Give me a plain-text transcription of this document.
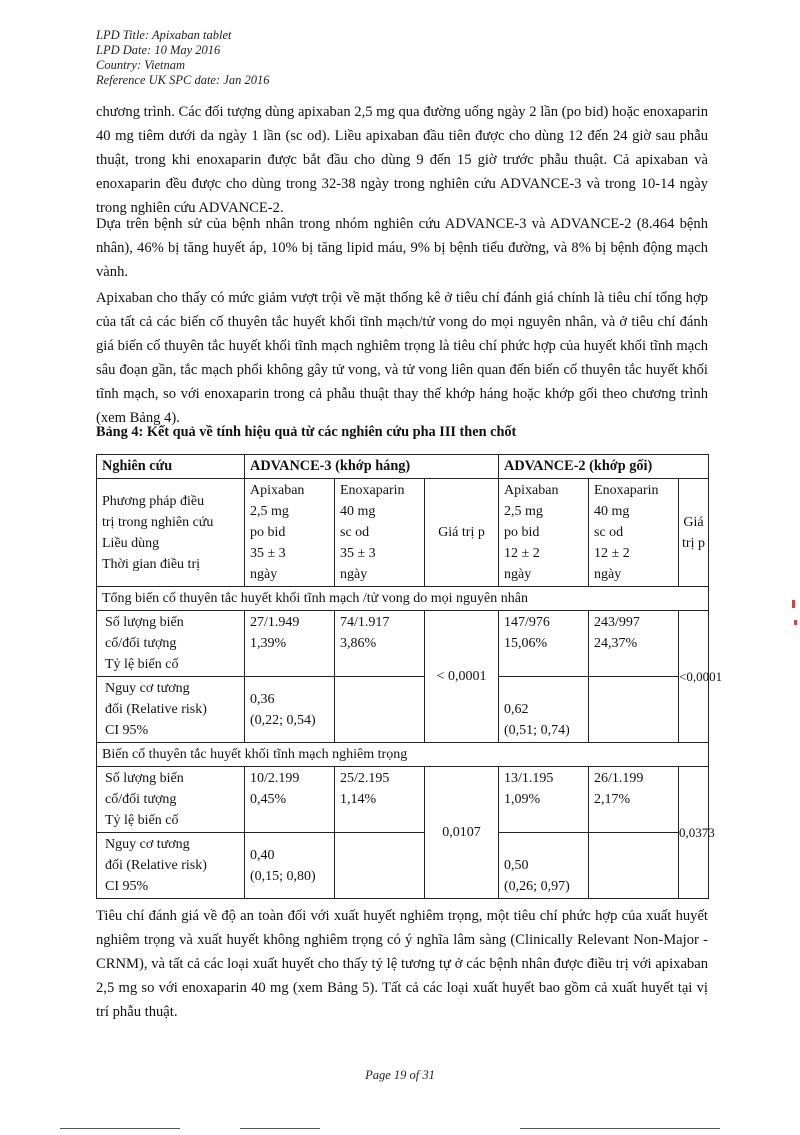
LPD Title: Apixaban tablet
LPD Date: 10 May 2016
Country: Vietnam
Reference UK SPC date: Jan 2016

chương trình. Các đối tượng dùng apixaban 2,5 mg qua đường uống ngày 2 lần (po bid) hoặc enoxaparin 40 mg tiêm dưới da ngày 1 lần (sc od). Liều apixaban đầu tiên được cho dùng 12 đến 24 giờ sau phẫu thuật, trong khi enoxaparin được bắt đầu cho dùng 9 đến 15 giờ trước phẫu thuật. Cả apixaban và enoxaparin đều được cho dùng trong 32-38 ngày trong nghiên cứu ADVANCE-3 và trong 10-14 ngày trong nghiên cứu ADVANCE-2.

Dựa trên bệnh sử của bệnh nhân trong nhóm nghiên cứu ADVANCE-3 và ADVANCE-2 (8.464 bệnh nhân), 46% bị tăng huyết áp, 10% bị tăng lipid máu, 9% bị bệnh tiểu đường, và 8% bị bệnh động mạch vành.

Apixaban cho thấy có mức giảm vượt trội về mặt thống kê ở tiêu chí đánh giá chính là tiêu chí tổng hợp của tất cả các biến cố thuyên tắc huyết khối tĩnh mạch/tử vong do mọi nguyên nhân, và ở tiêu chí đánh giá biến cố thuyên tắc huyết khối tĩnh mạch nghiêm trọng là tiêu chí phức hợp của huyết khối tĩnh mạch sâu đoạn gần, tắc mạch phổi không gây tử vong, và tử vong liên quan đến biến cố thuyên tắc huyết khối tĩnh mạch, so với enoxaparin trong cả phẫu thuật thay thế khớp háng hoặc khớp gối theo chương trình (xem Bảng 4).

Bảng 4: Kết quả về tính hiệu quả từ các nghiên cứu pha III then chốt

Nghiên cứu	ADVANCE-3 (khớp háng)			ADVANCE-2 (khớp gối)		

Phương pháp điều
trị trong nghiên cứu
Liều dùng
Thời gian điều trị	Apixaban
2,5 mg
po bid
35 ± 3
ngày	Enoxaparin
40 mg
sc od
35 ± 3
ngày	Giá trị p	Apixaban
2,5 mg
po bid
12 ± 2
ngày	Enoxaparin
40 mg
sc od
12 ± 2
ngày	Giá trị p
Tổng biến cố thuyên tắc huyết khối tĩnh mạch /tử vong do mọi nguyên nhân						

Số lượng biến
cố/đối tượng
Tỷ lệ biến cố	27/1.949
1,39%	74/1.917
3,86%	< 0,0001	147/976
15,06%	243/997
24,37%	<0,0001

Nguy cơ tương
đối (Relative risk)
CI 95%	0,36
(0,22; 0,54)			0,62
(0,51; 0,74)		

Biến cố thuyên tắc huyết khối tĩnh mạch nghiêm trọng						

Số lượng biến
cố/đối tượng
Tỷ lệ biến cố	10/2.199
0,45%	25/2.195
1,14%	0,0107	13/1.195
1,09%	26/1.199
2,17%	0,0373

Nguy cơ tương
đối (Relative risk)
CI 95%	0,40
(0,15; 0,80)			0,50
(0,26; 0,97)		

Tiêu chí đánh giá về độ an toàn đối với xuất huyết nghiêm trọng, một tiêu chí phức hợp của xuất huyết nghiêm trọng và xuất huyết không nghiêm trọng có ý nghĩa lâm sàng (Clinically Relevant Non-Major - CRNM), và tất cả các loại xuất huyết cho thấy tỷ lệ tương tự ở các bệnh nhân được điều trị với apixaban 2,5 mg so với enoxaparin 40 mg (xem Bảng 5). Tất cả các loại xuất huyết bao gồm cả xuất huyết tại vị trí phẫu thuật.

Page 19 of 31
